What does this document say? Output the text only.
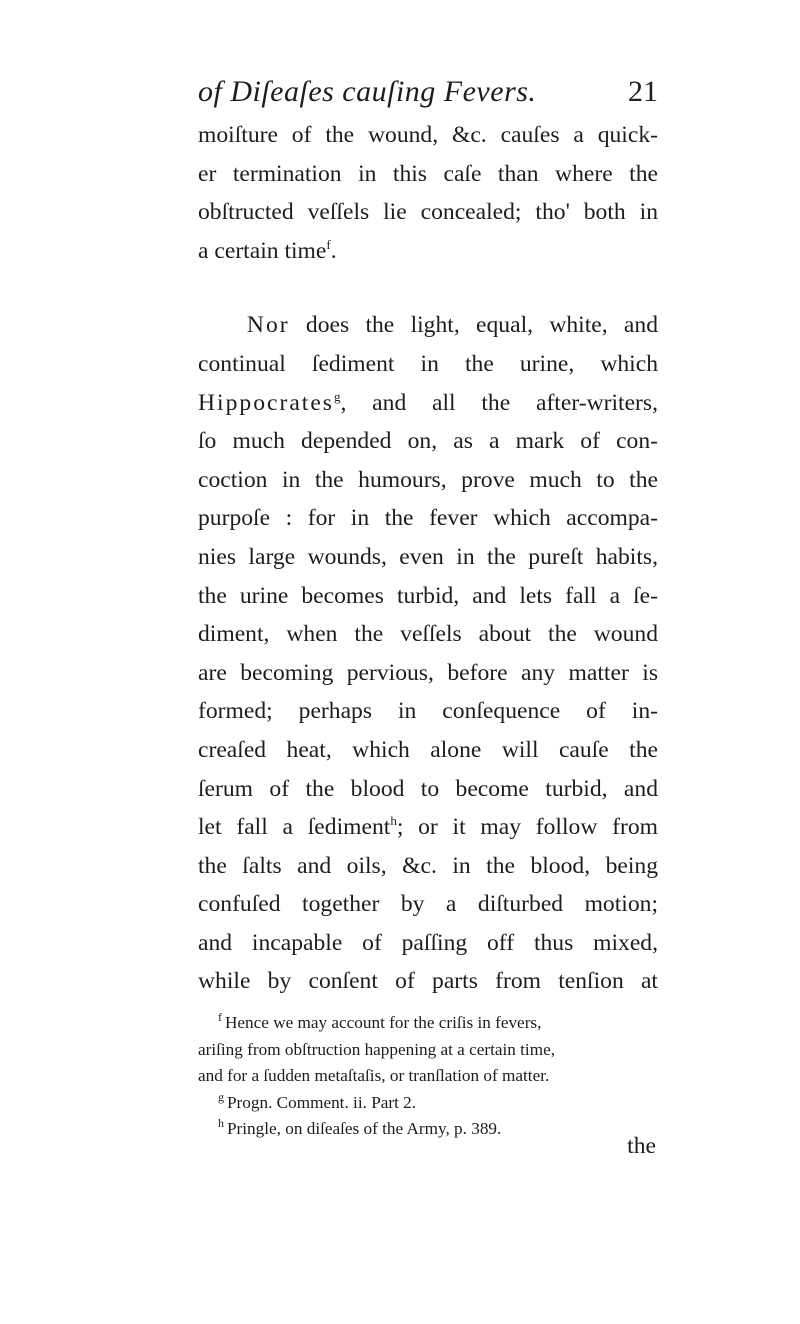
of Diſeaſes cauſing Fevers.	21
moiſture of the wound, &c. cauſes a quick-
er termination in this caſe than where the
obſtructed veſſels lie concealed; tho' both in
a certain time$^f$.
Nor does the light, equal, white, and
continual ſediment in the urine, which
Hippocrates$^g$, and all the after-writers,
ſo much depended on, as a mark of con-
coction in the humours, prove much to the
purpoſe : for in the fever which accompa-
nies large wounds, even in the pureſt habits,
the urine becomes turbid, and lets fall a ſe-
diment, when the veſſels about the wound
are becoming pervious, before any matter is
formed; perhaps in conſequence of in-
creaſed heat, which alone will cauſe the
ſerum of the blood to become turbid, and
let fall a ſediment$^h$; or it may follow from
the ſalts and oils, &c. in the blood, being
confuſed together by a diſturbed motion;
and incapable of paſſing off thus mixed,
while by conſent of parts from tenſion at
$^f$ Hence we may account for the criſis in fevers,
ariſing from obſtruction happening at a certain time,
and for a ſudden metaſtaſis, or tranſlation of matter.
$^g$ Progn. Comment. ii. Part 2.
$^h$ Pringle, on diſeaſes of the Army, p. 389.
the
